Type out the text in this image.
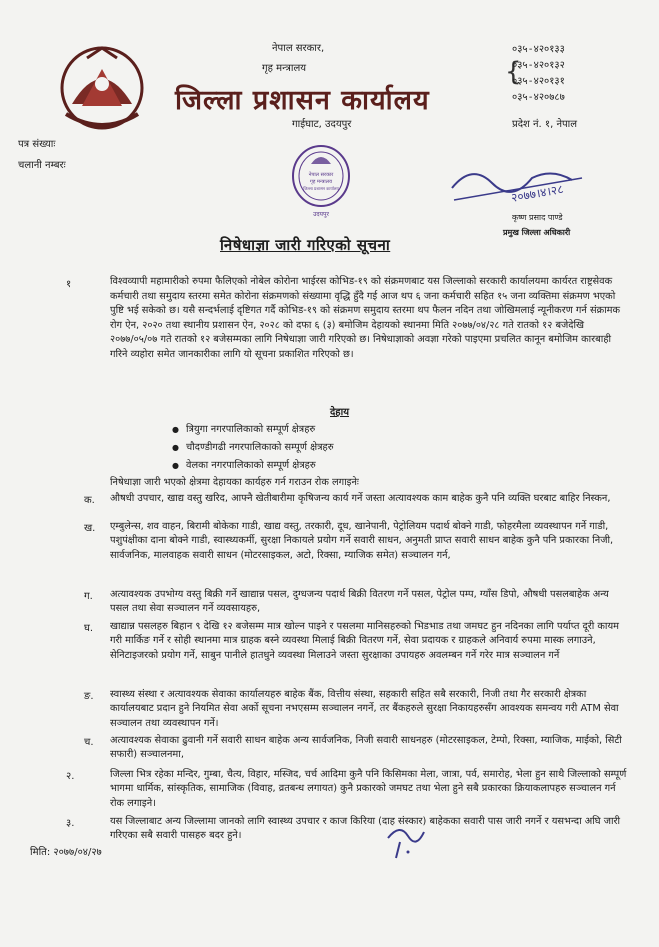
नेपाल सरकार,
गृह मन्त्रालय
जिल्ला प्रशासन कार्यालय
गाईघाट, उदयपुर
{
०३५-४२०१३३
०३५-४२०१३२
०३५-४२०१३१
०३५-४२०७८७
प्रदेश नं. १, नेपाल
पत्र संख्याः
चलानी नम्बरः
नेपाल सरकार
गृह मन्त्रालय
जिल्ला प्रशासन कार्यालय
उदयपुर
२०७७।४।२८
कृष्ण प्रसाद पाण्डे
प्रमुख जिल्ला अधिकारी
निषेधाज्ञा जारी गरिएको सूचना
१	विश्वव्यापी महामारीको रुपमा फैलिएको नोबेल कोरोना भाईरस कोभिड-१९ को संक्रमणबाट यस जिल्लाको सरकारी कार्यालयमा कार्यरत राष्ट्रसेवक कर्मचारी तथा समुदाय स्तरमा समेत कोरोना संक्रमणको संख्यामा वृद्धि हुँदै गई आज थप ६ जना कर्मचारी सहित १५ जना व्यक्तिमा संक्रमण भएको पुष्टि भई सकेको छ। यसै सन्दर्भलाई दृष्टिगत गर्दै कोभिड-१९ को संक्रमण समुदाय स्तरमा थप फैलन नदिन तथा जोखिमलाई न्यूनीकरण गर्न संक्रामक रोग ऐन, २०२० तथा स्थानीय प्रशासन ऐन, २०२८ को दफा ६ (३) बमोजिम देहायको स्थानमा मिति २०७७/०४/२८ गते रातको १२ बजेदेखि २०७७/०५/०७ गते रातको १२ बजेसम्मका लागि निषेधाज्ञा जारी गरिएको छ। निषेधाज्ञाको अवज्ञा गरेको पाइएमा प्रचलित कानून बमोजिम कारबाही गरिने व्यहोरा समेत जानकारीका लागि यो सूचना प्रकाशित गरिएको छ।
देहाय
● त्रियुगा नगरपालिकाको सम्पूर्ण क्षेत्रहरु
● चौदण्डीगढी नगरपालिकाको सम्पूर्ण क्षेत्रहरु
● वेलका नगरपालिकाको सम्पूर्ण क्षेत्रहरु
निषेधाज्ञा जारी भएको क्षेत्रमा देहायका कार्यहरु गर्न गराउन रोक लगाइनेः
क. औषधी उपचार, खाद्य वस्तु खरिद, आफ्नै खेतीबारीमा कृषिजन्य कार्य गर्ने जस्ता अत्यावश्यक काम बाहेक कुनै पनि व्यक्ति घरबाट बाहिर निस्कन,
ख. एम्बुलेन्स, शव वाहन, बिरामी बोकेका गाडी, खाद्य वस्तु, तरकारी, दूध, खानेपानी, पेट्रोलियम पदार्थ बोक्ने गाडी, फोहरमैला व्यवस्थापन गर्ने गाडी, पशुपंक्षीका दाना बोक्ने गाडी, स्वास्थ्यकर्मी, सुरक्षा निकायले प्रयोग गर्ने सवारी साधन, अनुमती प्राप्त सवारी साधन बाहेक कुनै पनि प्रकारका निजी, सार्वजनिक, मालवाहक सवारी साधन (मोटरसाइकल, अटो, रिक्सा, म्याजिक समेत) सञ्चालन गर्न,
ग. अत्यावश्यक उपभोग्य वस्तु बिक्री गर्ने खाद्यान्न पसल, दुग्धजन्य पदार्थ बिक्री वितरण गर्ने पसल, पेट्रोल पम्प, ग्याँस डिपो, औषधी पसलबाहेक अन्य पसल तथा सेवा सञ्चालन गर्ने व्यवसायहरु,
घ. खाद्यान्न पसलहरु बिहान ९ देखि १२ बजेसम्म मात्र खोल्न पाइने र पसलमा मानिसहरुको भिडभाड तथा जमघट हुन नदिनका लागि पर्याप्त दूरी कायम गरी मार्किङ गर्ने र सोही स्थानमा मात्र ग्राहक बस्ने व्यवस्था मिलाई बिक्री वितरण गर्ने, सेवा प्रदायक र ग्राहकले अनिवार्य रुपमा मास्क लगाउने, सेनिटाइजरको प्रयोग गर्ने, साबुन पानीले हातधुने व्यवस्था मिलाउने जस्ता सुरक्षाका उपायहरु अवलम्बन गर्ने गरेर मात्र सञ्चालन गर्ने
ङ. स्वास्थ्य संस्था र अत्यावश्यक सेवाका कार्यालयहरु बाहेक बैंक, वित्तीय संस्था, सहकारी सहित सबै सरकारी, निजी तथा गैर सरकारी क्षेत्रका कार्यालयबाट प्रदान हुने नियमित सेवा अर्को सूचना नभएसम्म सञ्चालन नगर्ने, तर बैंकहरुले सुरक्षा निकायहरुसँग आवश्यक समन्वय गरी ATM सेवा सञ्चालन तथा व्यवस्थापन गर्ने।
च. अत्यावश्यक सेवाका ढुवानी गर्ने सवारी साधन बाहेक अन्य सार्वजनिक, निजी सवारी साधनहरु (मोटरसाइकल, टेम्पो, रिक्सा, म्याजिक, माईको, सिटी सफारी) सञ्चालनमा,
२.	जिल्ला भित्र रहेका मन्दिर, गुम्बा, चैत्य, विहार, मस्जिद, चर्च आदिमा कुनै पनि किसिमका मेला, जात्रा, पर्व, समारोह, भेला हुन साथै जिल्लाको सम्पूर्ण भागमा धार्मिक, सांस्कृतिक, सामाजिक (विवाह, व्रतबन्ध लगायत) कुनै प्रकारको जमघट तथा भेला हुने सबै प्रकारका क्रियाकलापहरु सञ्चालन गर्न रोक लगाइने।
३.	यस जिल्लाबाट अन्य जिल्लामा जानको लागि स्वास्थ्य उपचार र काज किरिया (दाह संस्कार) बाहेकका सवारी पास जारी नगर्ने र यसभन्दा अघि जारी गरिएका सबै सवारी पासहरु बदर हुने।
मिति: २०७७/०४/२७
